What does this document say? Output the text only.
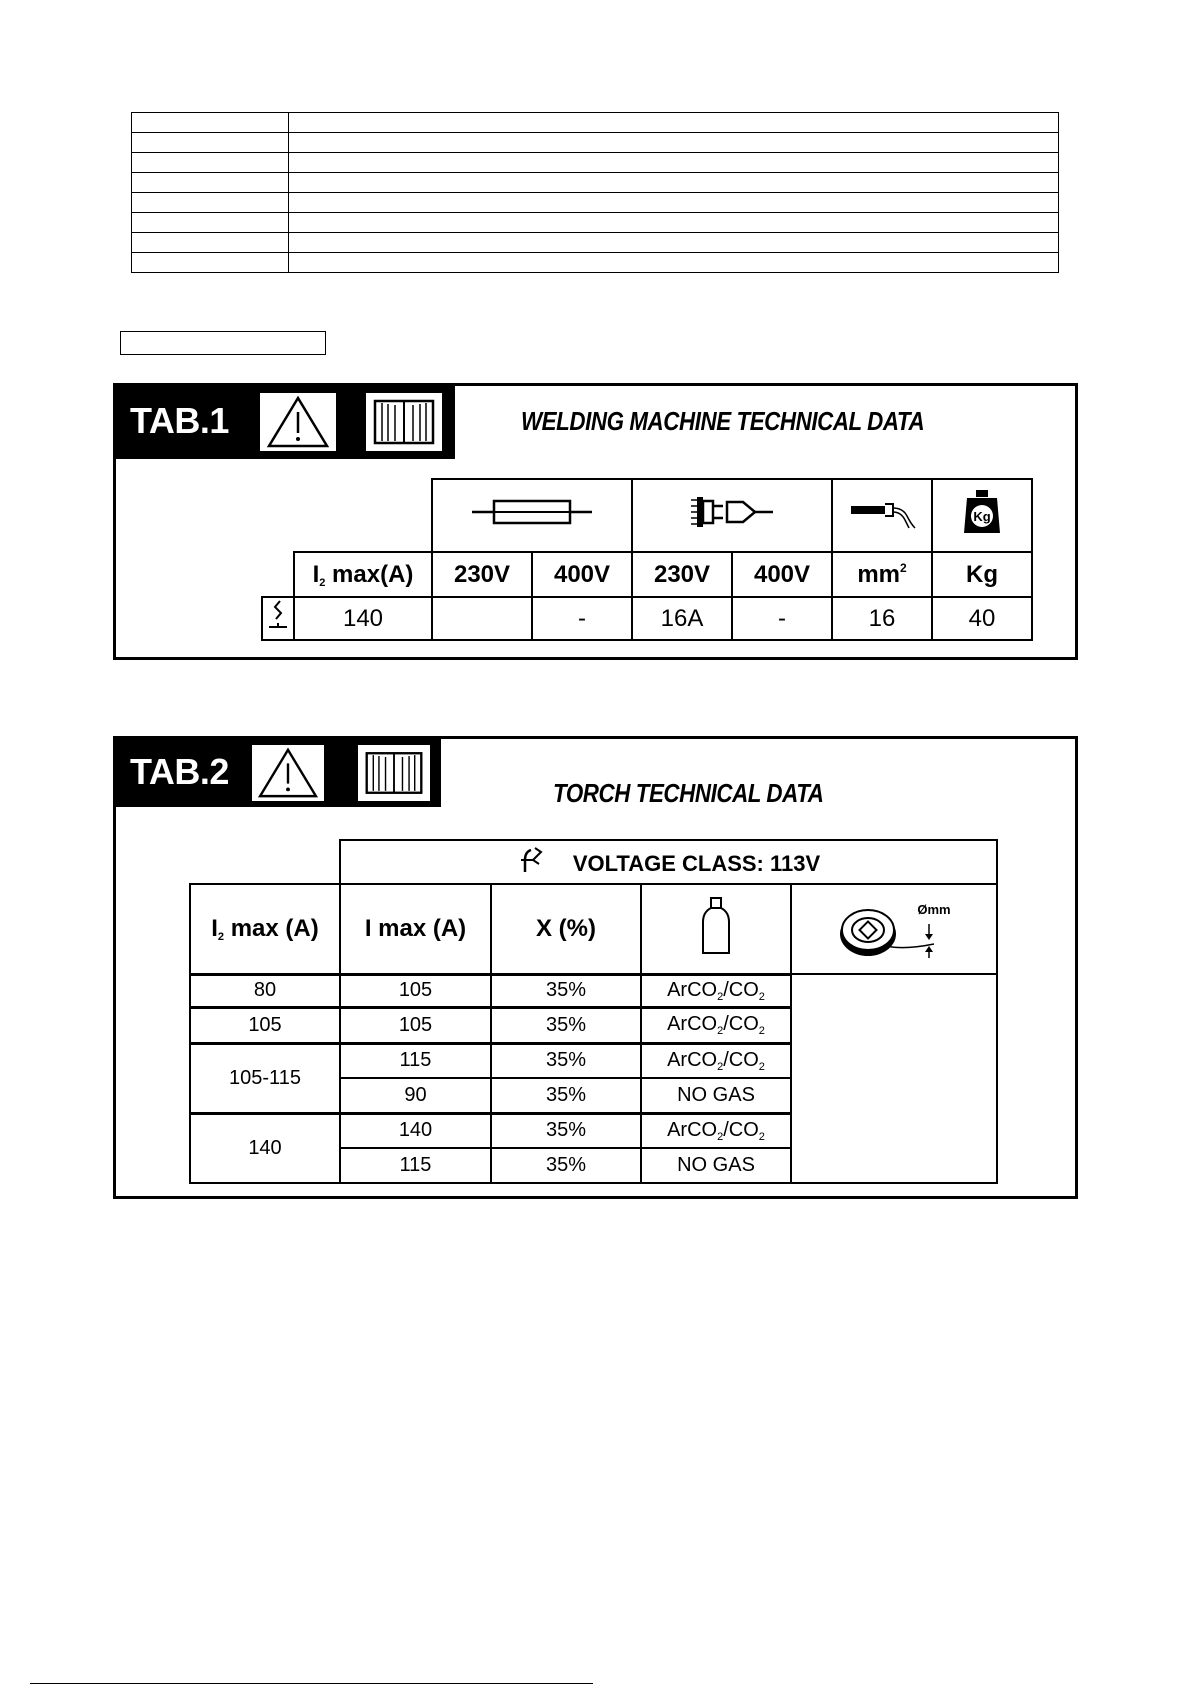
TAB.1	WELDING MACHINE TECHNICAL DATA

Kg

	$I_2$ max(A)	230V	400V	230V	400V	$mm^2$	Kg
	140		-	16A	-	16	40
TAB.2
TORCH TECHNICAL DATA
	VOLTAGE CLASS: 113V			
$I_2$ max (A)	I max (A)	X (%)		Ømm

80	105	35%	$ArCO_2/CO_2$	
105	105	35%	$ArCO_2/CO_2$
105-115	115	35%	$ArCO_2/CO_2$
	90	35%	NO GAS	
140	140	35%	$ArCO_2/CO_2$
	115	35%	NO GAS	
